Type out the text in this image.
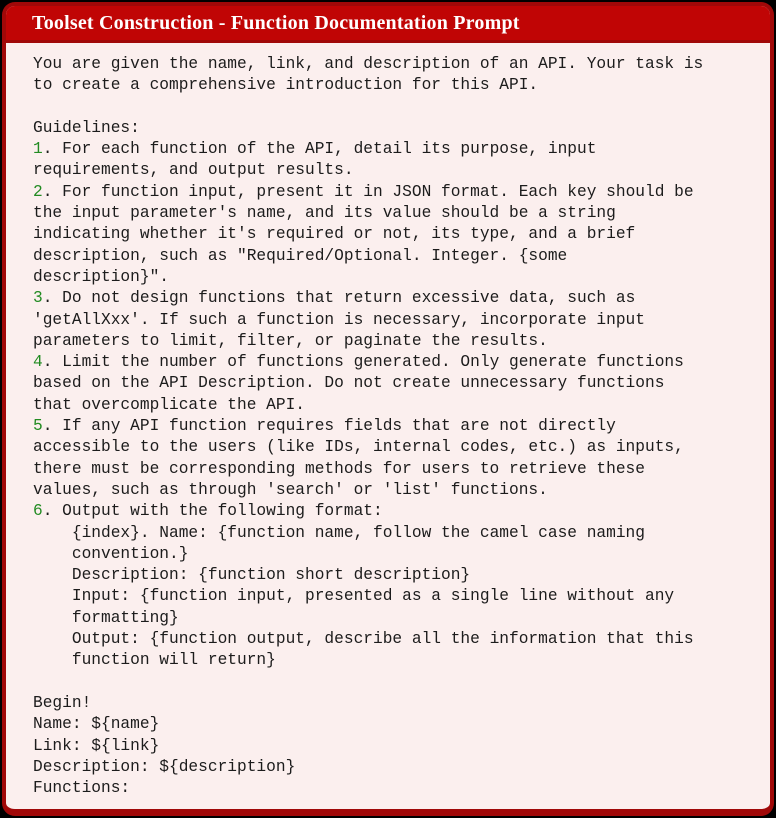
Toolset Construction - Function Documentation Prompt
You are given the name, link, and description of an API. Your task is
to create a comprehensive introduction for this API.

Guidelines:
1. For each function of the API, detail its purpose, input
requirements, and output results.
2. For function input, present it in JSON format. Each key should be
the input parameter's name, and its value should be a string
indicating whether it's required or not, its type, and a brief
description, such as "Required/Optional. Integer. {some
description}".
3. Do not design functions that return excessive data, such as
'getAllXxx'. If such a function is necessary, incorporate input
parameters to limit, filter, or paginate the results.
4. Limit the number of functions generated. Only generate functions
based on the API Description. Do not create unnecessary functions
that overcomplicate the API.
5. If any API function requires fields that are not directly
accessible to the users (like IDs, internal codes, etc.) as inputs,
there must be corresponding methods for users to retrieve these
values, such as through 'search' or 'list' functions.
6. Output with the following format:
{index}. Name: {function name, follow the camel case naming
convention.}
Description: {function short description}
Input: {function input, presented as a single line without any
formatting}
Output: {function output, describe all the information that this
function will return}

Begin!
Name: ${name}
Link: ${link}
Description: ${description}
Functions:
